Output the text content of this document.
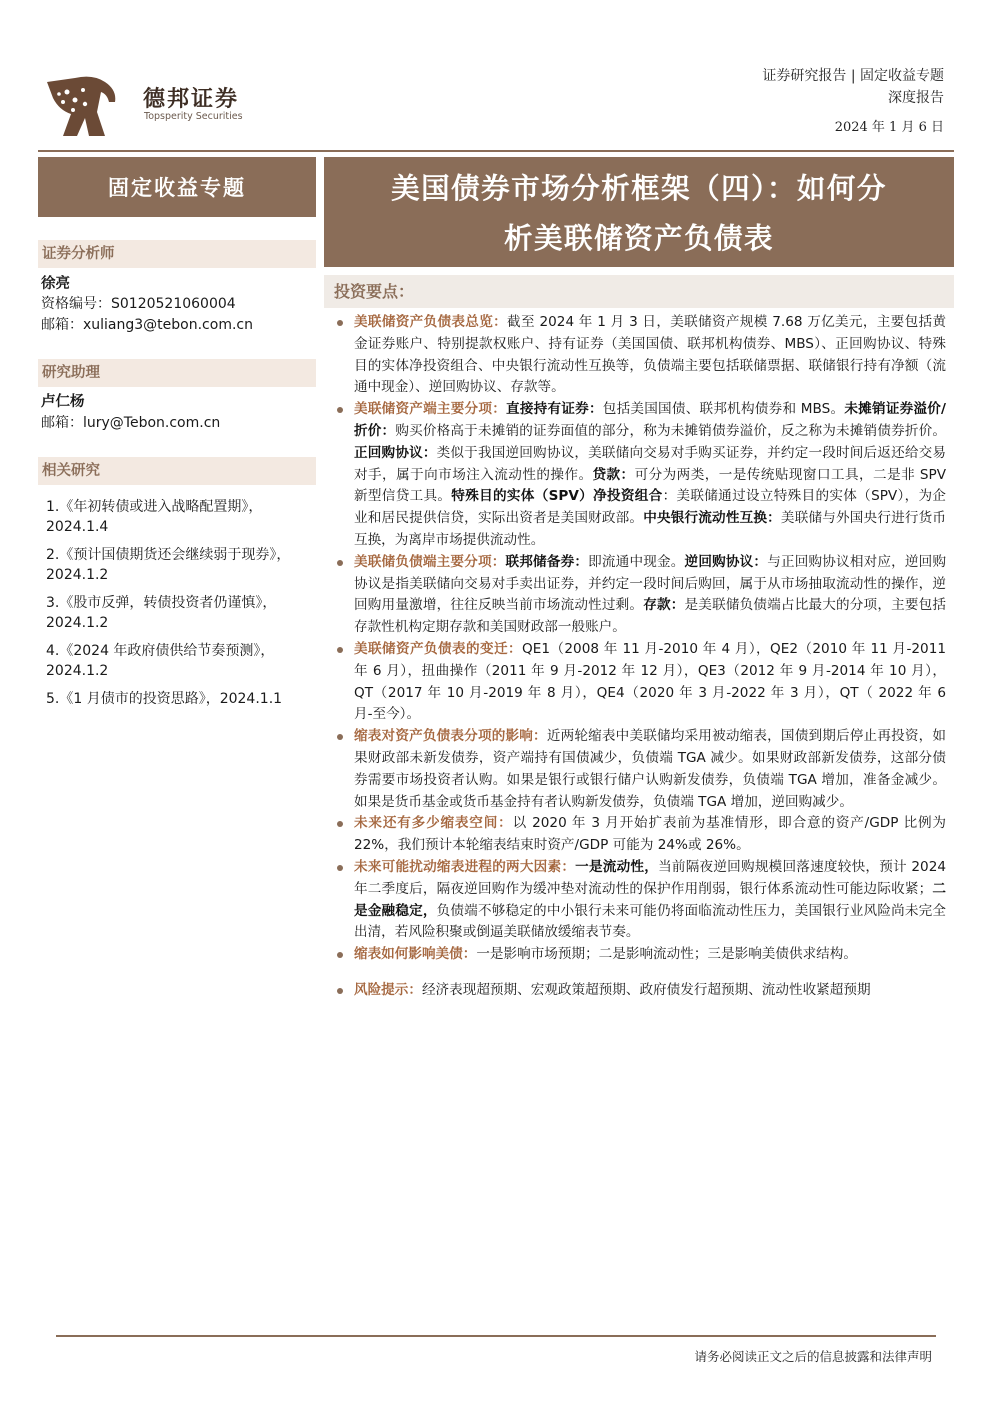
德邦证券
Topsperity Securities
证券研究报告 | 固定收益专题
深度报告
2024 年 1 月 6 日
固定收益专题
证券分析师
徐亮
资格编号：S0120521060004
邮箱：xuliang3@tebon.com.cn
研究助理
卢仁杨
邮箱：lury@Tebon.com.cn
相关研究
1.《年初转债或进入战略配置期》，2024.1.4
2.《预计国债期货还会继续弱于现券》，2024.1.2
3.《股市反弹，转债投资者仍谨慎》，2024.1.2
4.《2024 年政府债供给节奏预测》，2024.1.2
5.《1 月债市的投资思路》，2024.1.1
美国债券市场分析框架（四）：如何分
析美联储资产负债表
投资要点：
美联储资产负债表总览：截至 2024 年 1 月 3 日，美联储资产规模 7.68 万亿美元，主要包括黄金证券账户、特别提款权账户、持有证券（美国国债、联邦机构债券、MBS）、正回购协议、特殊目的实体净投资组合、中央银行流动性互换等，负债端主要包括联储票据、联储银行持有净额（流通中现金）、逆回购协议、存款等。
美联储资产端主要分项：直接持有证券：包括美国国债、联邦机构债券和 MBS。未摊销证券溢价/折价：购买价格高于未摊销的证券面值的部分，称为未摊销债券溢价，反之称为未摊销债券折价。正回购协议：类似于我国逆回购协议，美联储向交易对手购买证券，并约定一段时间后返还给交易对手，属于向市场注入流动性的操作。贷款：可分为两类，一是传统贴现窗口工具，二是非 SPV 新型信贷工具。特殊目的实体（SPV）净投资组合：美联储通过设立特殊目的实体（SPV），为企业和居民提供信贷，实际出资者是美国财政部。中央银行流动性互换：美联储与外国央行进行货币互换，为离岸市场提供流动性。
美联储负债端主要分项：联邦储备券：即流通中现金。逆回购协议：与正回购协议相对应，逆回购协议是指美联储向交易对手卖出证券，并约定一段时间后购回，属于从市场抽取流动性的操作，逆回购用量激增，往往反映当前市场流动性过剩。存款：是美联储负债端占比最大的分项，主要包括存款性机构定期存款和美国财政部一般账户。
美联储资产负债表的变迁：QE1（2008 年 11 月-2010 年 4 月），QE2（2010 年 11 月-2011 年 6 月），扭曲操作（2011 年 9 月-2012 年 12 月），QE3（2012 年 9 月-2014 年 10 月），QT（2017 年 10 月-2019 年 8 月），QE4（2020 年 3 月-2022 年 3 月），QT（ 2022 年 6 月-至今）。
缩表对资产负债表分项的影响：近两轮缩表中美联储均采用被动缩表，国债到期后停止再投资，如果财政部未新发债券，资产端持有国债减少，负债端 TGA 减少。如果财政部新发债券，这部分债券需要市场投资者认购。如果是银行或银行储户认购新发债券，负债端 TGA 增加，准备金减少。如果是货币基金或货币基金持有者认购新发债券，负债端 TGA 增加，逆回购减少。
未来还有多少缩表空间：以 2020 年 3 月开始扩表前为基准情形，即合意的资产/GDP 比例为 22%，我们预计本轮缩表结束时资产/GDP 可能为 24%或 26%。
未来可能扰动缩表进程的两大因素：一是流动性，当前隔夜逆回购规模回落速度较快，预计 2024 年二季度后，隔夜逆回购作为缓冲垫对流动性的保护作用削弱，银行体系流动性可能边际收紧；二是金融稳定，负债端不够稳定的中小银行未来可能仍将面临流动性压力，美国银行业风险尚未完全出清，若风险积聚或倒逼美联储放缓缩表节奏。
缩表如何影响美债：一是影响市场预期；二是影响流动性；三是影响美债供求结构。
风险提示：经济表现超预期、宏观政策超预期、政府债发行超预期、流动性收紧超预期
请务必阅读正文之后的信息披露和法律声明
